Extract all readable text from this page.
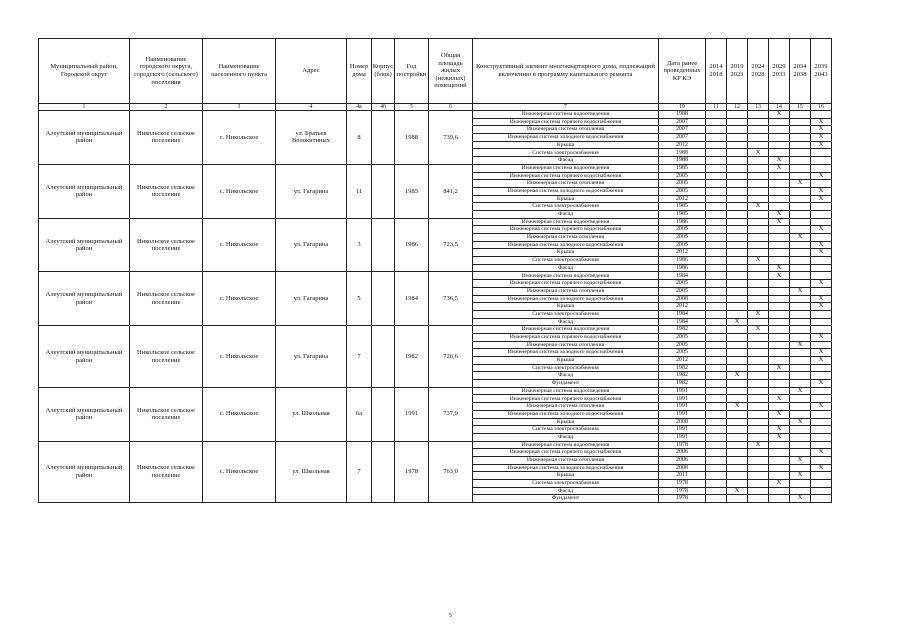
Муниципальный район, Городской округ	Наименование городского округа, городского (сельского) поселения	Наименование населенного пункта	Адрес	Номер дома	Корпус (блок)	Год постройки	Общая площадь жилых (нежилых) помещений	Конструктивный элемент многоквартирного дома, подлежащий включению в программу капитального ремонта	Дата ранее проведенных КР КЭ	2014 2018	2019 2023	2024 2028	2029 2033	2034 2038	2039 2043
1	2	3	4	4а	4б	5	6	7	10	11	12	13	14	15	16
Алеутский муниципальный район	Никольское сельское поселение	с. Никольское	ул. Братьев Волокитиных	8		1988	739,6	Инженерная система водоотведения	1988				X		
								Инженерная система горячего водоснабжения	2007						X
								Инженерная система отопления	2007						X
								Инженерная система холодного водоснабжения	2007						X
								Крыша	2012						X
								Система электроснабжения	1988			X			
								Фасад	1988				X		
Алеутский муниципальный район	Никольское сельское поселение	с. Никольское	ул. Гагарина	11		1985	841,2	Инженерная система водоотведения	1985				X		
								Инженерная система горячего водоснабжения	2005						X
								Инженерная система отопления	2005					X	
								Инженерная система холодного водоснабжения	2005						X
								Крыша	2012						X
								Система электроснабжения	1985			X			
								Фасад	1985				X		
Алеутский муниципальный район	Никольское сельское поселение	с. Никольское	ул. Гагарина	3		1986	723,5	Инженерная система водоотведения	1986				X		
								Инженерная система горячего водоснабжения	2005						X
								Инженерная система отопления	2005					X	
								Инженерная система холодного водоснабжения	2005						X
								Крыша	2012						X
								Система электроснабжения	1986			X			
								Фасад	1986				X		
Алеутский муниципальный район	Никольское сельское поселение	с. Никольское	ул. Гагарина	5		1984	736,5	Инженерная система водоотведения	1984				X		
								Инженерная система горячего водоснабжения	2005						X
								Инженерная система отопления	2005					X	
								Инженерная система холодного водоснабжения	2008						X
								Крыша	2012						X
								Система электроснабжения	1984			X			
								Фасад	1984		X				
Алеутский муниципальный район	Никольское сельское поселение	с. Никольское	ул. Гагарина	7		1982	726,6	Инженерная система водоотведения	1982			X			
								Инженерная система горячего водоснабжения	2005						X
								Инженерная система отопления	2005					X	
								Инженерная система холодного водоснабжения	2005						X
								Крыша	2012						X
								Система электроснабжения	1982				X		
								Фасад	1982		X				
								Фундамент	1982						X
Алеутский муниципальный район	Никольское сельское поселение	с. Никольское	ул. Школьная	6а		1991	737,9	Инженерная система водоотведения	1991					X	
								Инженерная система горячего водоснабжения	1991				X		
								Инженерная система отопления	1991		X				X
								Инженерная система холодного водоснабжения	1991				X		
								Крыша	2008					X	
								Система электроснабжения	1991				X		
								Фасад	1991				X		
Алеутский муниципальный район	Никольское сельское поселение	с. Никольское	ул. Школьная	7		1978	763,0	Инженерная система водоотведения	1978			X			
								Инженерная система горячего водоснабжения	2006						X
								Инженерная система отопления	2006					X	
								Инженерная система холодного водоснабжения	2008						X
								Крыша	2011					X	
								Система электроснабжения	1978				X		
								Фасад	1978		X				
								Фундамент	1978					X	
5
